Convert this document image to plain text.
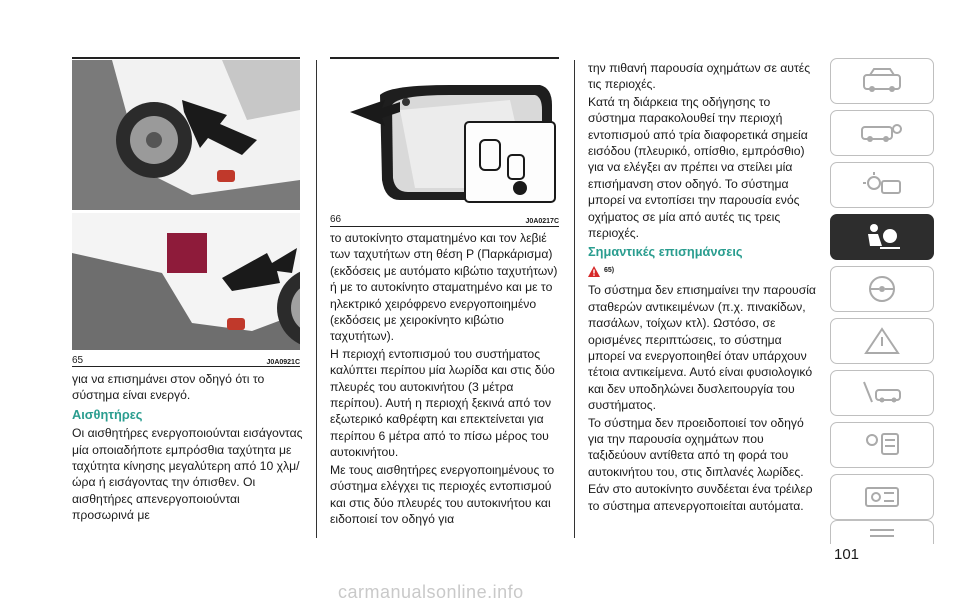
65	J0A0921C

για να επισημάνει στον οδηγό ότι το σύστημα είναι ενεργό.

Αισθητήρες

Οι αισθητήρες ενεργοποιούνται εισάγοντας μία οποιαδήποτε εμπρόσθια ταχύτητα με ταχύτητα κίνησης μεγαλύτερη από 10 χλμ/ώρα ή εισάγοντας την όπισθεν. Οι αισθητήρες απενεργοποιούνται προσωρινά με

66	J0A0217C

το αυτοκίνητο σταματημένο και τον λεβιέ των ταχυτήτων στη θέση P (Παρκάρισμα) (εκδόσεις με αυτόματο κιβώτιο ταχυτήτων) ή με το αυτοκίνητο σταματημένο και με το ηλεκτρικό χειρόφρενο ενεργοποιημένο (εκδόσεις με χειροκίνητο κιβώτιο ταχυτήτων).

Η περιοχή εντοπισμού του συστήματος καλύπτει περίπου μία λωρίδα και στις δύο πλευρές του αυτοκινήτου (3 μέτρα περίπου). Αυτή η περιοχή ξεκινά από τον εξωτερικό καθρέφτη και επεκτείνεται για περίπου 6 μέτρα από το πίσω μέρος του αυτοκινήτου.

Με τους αισθητήρες ενεργοποιημένους το σύστημα ελέγχει τις περιοχές εντοπισμού και στις δύο πλευρές του αυτοκινήτου και ειδοποιεί τον οδηγό για

την πιθανή παρουσία οχημάτων σε αυτές τις περιοχές.

Κατά τη διάρκεια της οδήγησης το σύστημα παρακολουθεί την περιοχή εντοπισμού από τρία διαφορετικά σημεία εισόδου (πλευρικό, οπίσθιο, εμπρόσθιο) για να ελέγξει αν πρέπει να στείλει μία επισήμανση στον οδηγό. Το σύστημα μπορεί να εντοπίσει την παρουσία ενός οχήματος σε μία από αυτές τις τρεις περιοχές.

Σημαντικές επισημάνσεις
65)

Το σύστημα δεν επισημαίνει την παρουσία σταθερών αντικειμένων (π.χ. πινακίδων, πασάλων, τοίχων κτλ). Ωστόσο, σε ορισμένες περιπτώσεις, το σύστημα μπορεί να ενεργοποιηθεί όταν υπάρχουν τέτοια αντικείμενα. Αυτό είναι φυσιολογικό και δεν υποδηλώνει δυσλειτουργία του συστήματος.

Το σύστημα δεν προειδοποιεί τον οδηγό για την παρουσία οχημάτων που ταξιδεύουν αντίθετα από τη φορά του αυτοκινήτου του, στις διπλανές λωρίδες.

Εάν στο αυτοκίνητο συνδέεται ένα τρέιλερ το σύστημα απενεργοποιείται αυτόματα.

101
carmanualsonline.info
